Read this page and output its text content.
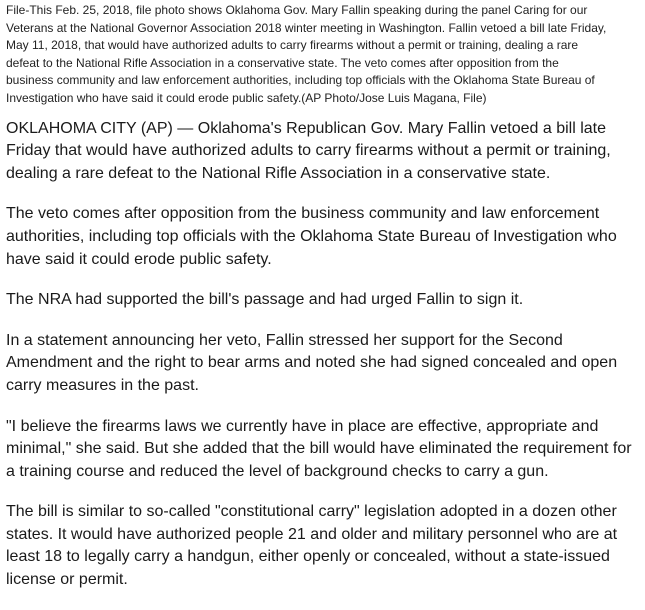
File-This Feb. 25, 2018, file photo shows Oklahoma Gov. Mary Fallin speaking during the panel Caring for our
Veterans at the National Governor Association 2018 winter meeting in Washington. Fallin vetoed a bill late Friday,
May 11, 2018, that would have authorized adults to carry firearms without a permit or training, dealing a rare
defeat to the National Rifle Association in a conservative state. The veto comes after opposition from the
business community and law enforcement authorities, including top officials with the Oklahoma State Bureau of
Investigation who have said it could erode public safety.(AP Photo/Jose Luis Magana, File)
OKLAHOMA CITY (AP) — Oklahoma's Republican Gov. Mary Fallin vetoed a bill late
Friday that would have authorized adults to carry firearms without a permit or training,
dealing a rare defeat to the National Rifle Association in a conservative state.
The veto comes after opposition from the business community and law enforcement
authorities, including top officials with the Oklahoma State Bureau of Investigation who
have said it could erode public safety.
The NRA had supported the bill's passage and had urged Fallin to sign it.
In a statement announcing her veto, Fallin stressed her support for the Second
Amendment and the right to bear arms and noted she had signed concealed and open
carry measures in the past.
"I believe the firearms laws we currently have in place are effective, appropriate and
minimal," she said. But she added that the bill would have eliminated the requirement for
a training course and reduced the level of background checks to carry a gun.
The bill is similar to so-called "constitutional carry" legislation adopted in a dozen other
states. It would have authorized people 21 and older and military personnel who are at
least 18 to legally carry a handgun, either openly or concealed, without a state-issued
license or permit.
